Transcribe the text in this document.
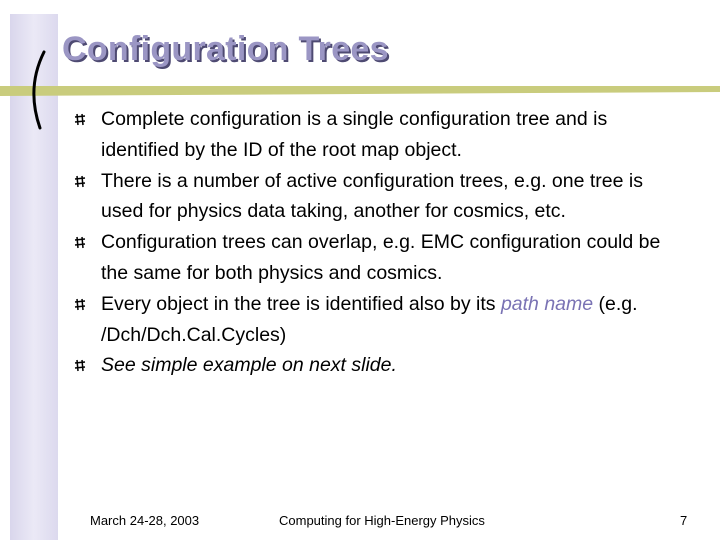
Configuration Trees
Complete configuration is a single configuration tree and is identified by the ID of the root map object.
There is a number of active configuration trees, e.g. one tree is used for physics data taking, another for cosmics, etc.
Configuration trees can overlap, e.g. EMC configuration could be the same for both physics and cosmics.
Every object in the tree is identified also by its path name (e.g. /Dch/Dch.Cal.Cycles)
See simple example on next slide.
March 24-28, 2003	Computing for High-Energy Physics	7
